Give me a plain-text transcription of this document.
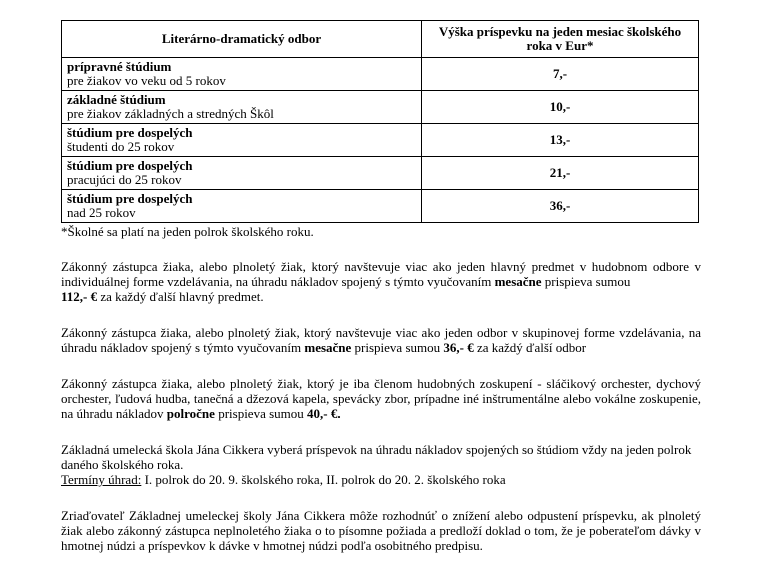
Literárno-dramatický odbor	Výška príspevku na jeden mesiac školského roka v Eur*

prípravné štúdium
pre žiakov vo veku od 5 rokov	7,-

základné štúdium
pre žiakov základných a stredných Škôl	10,-

štúdium pre dospelých
študenti do 25 rokov	13,-

štúdium pre dospelých
pracujúci do 25 rokov	21,-

štúdium pre dospelých
nad 25 rokov	36,-
*Školné sa platí na jeden polrok školského roku.

Zákonný zástupca žiaka, alebo plnoletý žiak, ktorý navštevuje viac ako jeden hlavný predmet v hudobnom odbore v individuálnej forme vzdelávania, na úhradu nákladov spojený s týmto vyučovaním mesačne prispieva sumou
112,- € za každý ďalší hlavný predmet.

Zákonný zástupca žiaka, alebo plnoletý žiak, ktorý navštevuje viac ako jeden odbor v skupinovej forme vzdelávania, na úhradu nákladov spojený s týmto vyučovaním mesačne prispieva sumou 36,- € za každý ďalší odbor

Zákonný zástupca žiaka, alebo plnoletý žiak, ktorý je iba členom hudobných zoskupení - sláčikový orchester, dychový orchester, ľudová hudba, tanečná a džezová kapela, spevácky zbor, prípadne iné inštrumentálne alebo vokálne zoskupenie, na úhradu nákladov polročne prispieva sumou 40,- €.

Základná umelecká škola Jána Cikkera vyberá príspevok na úhradu nákladov spojených so štúdiom vždy na jeden polrok daného školského roka.
Termíny úhrad: I. polrok do 20. 9. školského roka, II. polrok do 20. 2. školského roka

Zriaďovateľ Základnej umeleckej školy Jána Cikkera môže rozhodnúť o znížení alebo odpustení príspevku, ak plnoletý žiak alebo zákonný zástupca neplnoletého žiaka o to písomne požiada a predloží doklad o tom, že je poberateľom dávky v hmotnej núdzi a príspevkov k dávke v hmotnej núdzi podľa osobitného predpisu.
